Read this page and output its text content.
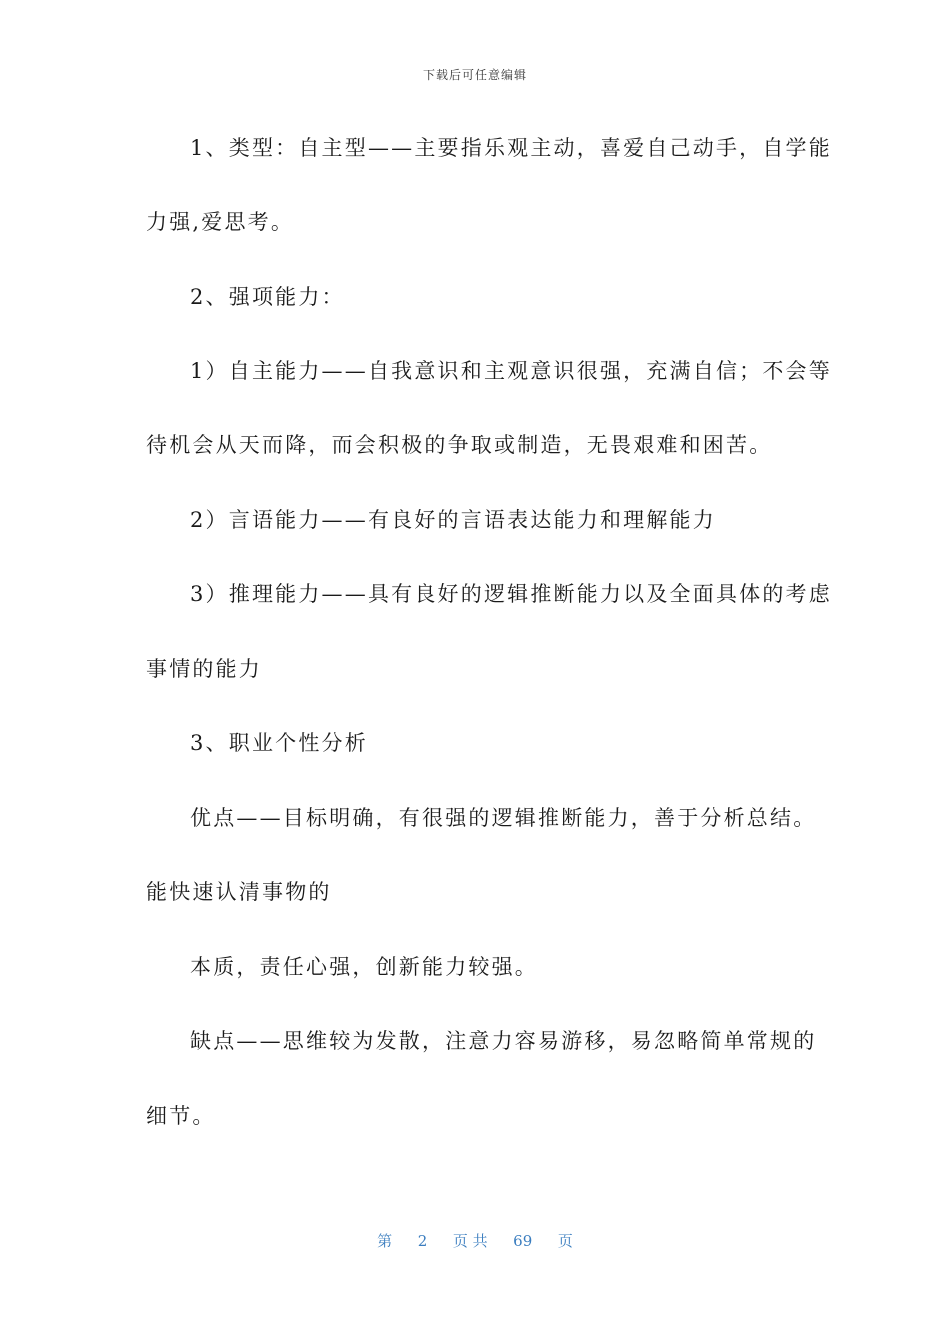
下载后可任意编辑
1、类型：自主型——主要指乐观主动，喜爱自己动手，自学能
力强,爱思考。
2、强项能力：
1）自主能力——自我意识和主观意识很强，充满自信；不会等
待机会从天而降，而会积极的争取或制造，无畏艰难和困苦。
2）言语能力——有良好的言语表达能力和理解能力
3）推理能力——具有良好的逻辑推断能力以及全面具体的考虑
事情的能力
3、职业个性分析
优点——目标明确，有很强的逻辑推断能力，善于分析总结。
能快速认清事物的
本质，责任心强，创新能力较强。
缺点——思维较为发散，注意力容易游移，易忽略简单常规的
细节。
第 2 页 共 69 页
